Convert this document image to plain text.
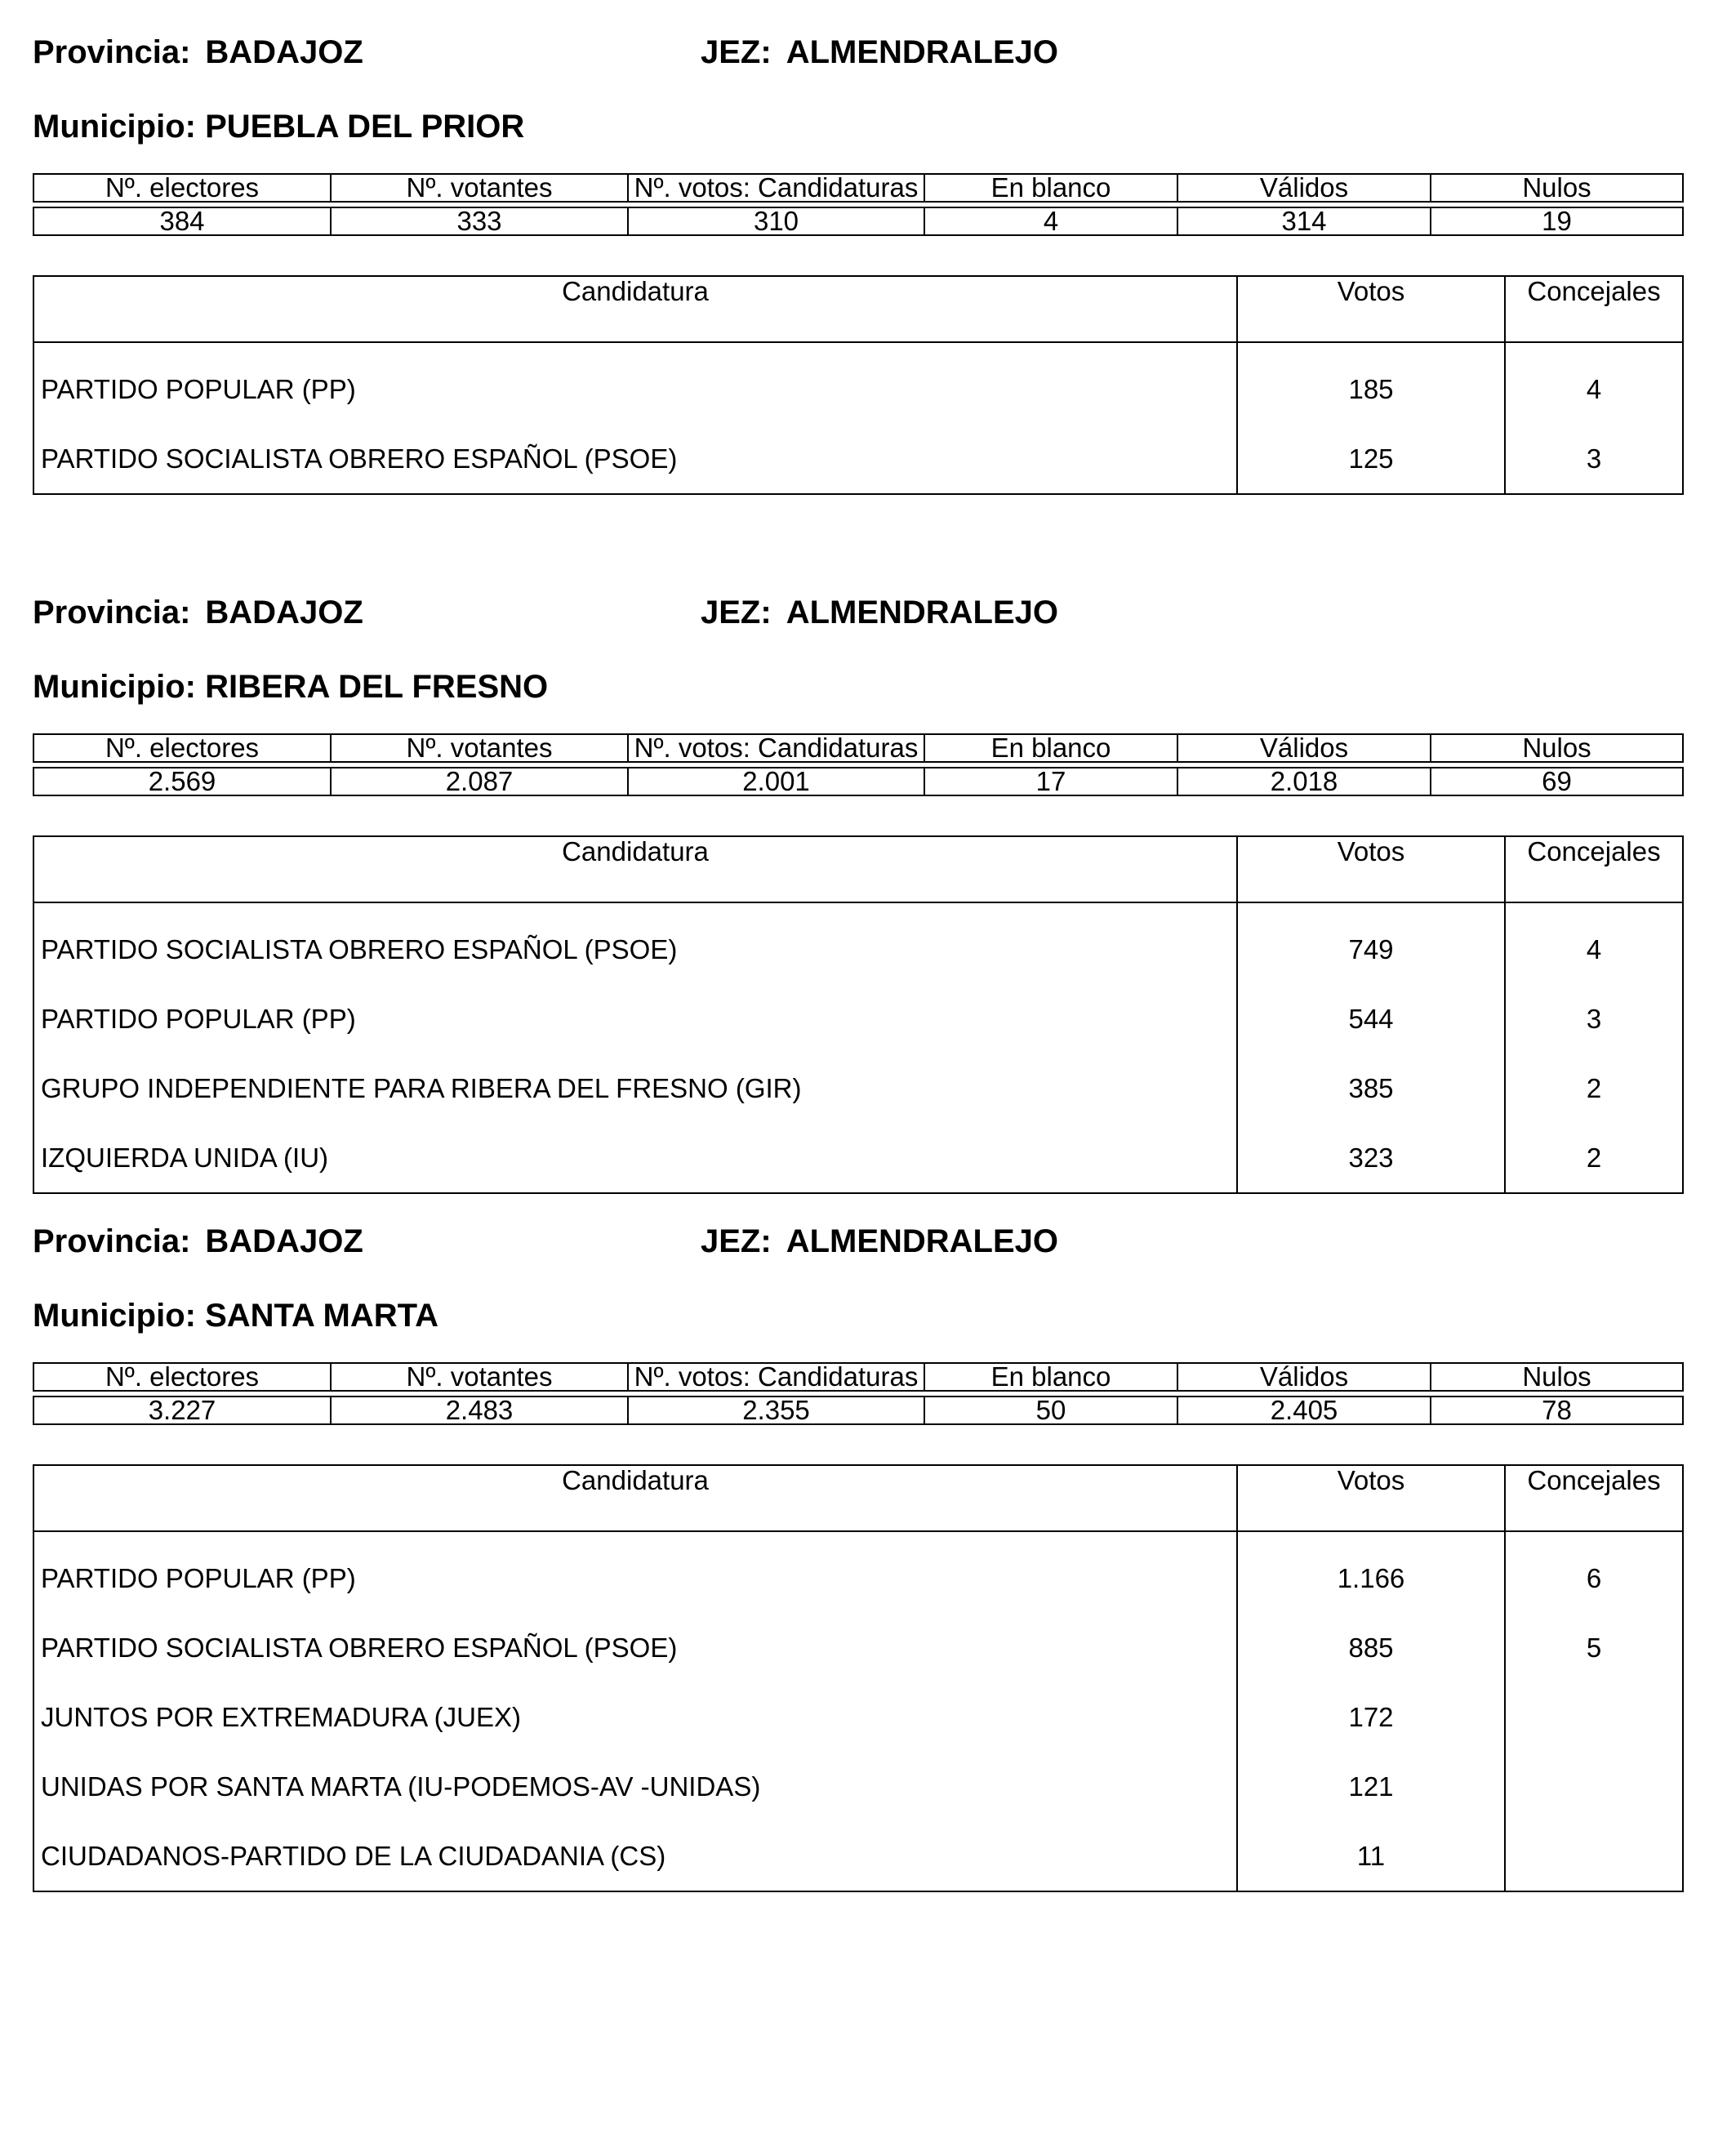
Provincia: BADAJOZ	JEZ: ALMENDRALEJO
Municipio: PUEBLA DEL PRIOR
Nº. electores	Nº. votantes	Nº. votos: Candidaturas	En blanco	Válidos	Nulos

384	333	310	4	314	19
Candidatura	Votos	Concejales
PARTIDO POPULAR (PP)	185	4
PARTIDO SOCIALISTA OBRERO ESPAÑOL (PSOE)	125	3
Provincia: BADAJOZ	JEZ: ALMENDRALEJO
Municipio: RIBERA DEL FRESNO
Nº. electores	Nº. votantes	Nº. votos: Candidaturas	En blanco	Válidos	Nulos

2.569	2.087	2.001	17	2.018	69
Candidatura	Votos	Concejales
PARTIDO SOCIALISTA OBRERO ESPAÑOL (PSOE)	749	4
PARTIDO POPULAR (PP)	544	3
GRUPO INDEPENDIENTE PARA RIBERA DEL FRESNO (GIR)	385	2
IZQUIERDA UNIDA (IU)	323	2
Provincia: BADAJOZ	JEZ: ALMENDRALEJO
Municipio: SANTA MARTA
Nº. electores	Nº. votantes	Nº. votos: Candidaturas	En blanco	Válidos	Nulos

3.227	2.483	2.355	50	2.405	78
Candidatura	Votos	Concejales
PARTIDO POPULAR (PP)	1.166	6
PARTIDO SOCIALISTA OBRERO ESPAÑOL (PSOE)	885	5
JUNTOS POR EXTREMADURA (JUEX)	172	
UNIDAS POR SANTA MARTA (IU-PODEMOS-AV -UNIDAS)	121	
CIUDADANOS-PARTIDO DE LA CIUDADANIA (CS)	11	
